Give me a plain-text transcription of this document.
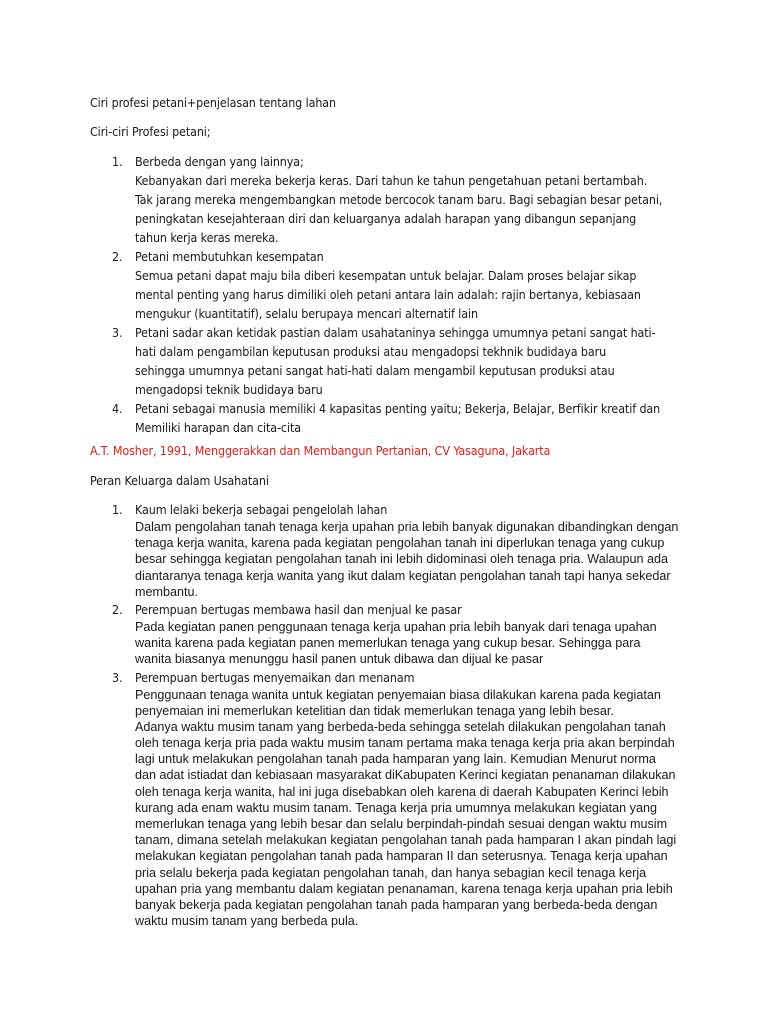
Ciri profesi petani+penjelasan tentang lahan

Ciri-ciri Profesi petani;

1. Berbeda dengan yang lainnya;
Kebanyakan dari mereka bekerja keras. Dari tahun ke tahun pengetahuan petani bertambah.
Tak jarang mereka mengembangkan metode bercocok tanam baru. Bagi sebagian besar petani,
peningkatan kesejahteraan diri dan keluarganya adalah harapan yang dibangun sepanjang
tahun kerja keras mereka.
2. Petani membutuhkan kesempatan
Semua petani dapat maju bila diberi kesempatan untuk belajar. Dalam proses belajar sikap
mental penting yang harus dimiliki oleh petani antara lain adalah: rajin bertanya, kebiasaan
mengukur (kuantitatif), selalu berupaya mencari alternatif lain
3. Petani sadar akan ketidak pastian dalam usahataninya sehingga umumnya petani sangat hati-
hati dalam pengambilan keputusan produksi atau mengadopsi tekhnik budidaya baru
sehingga umumnya petani sangat hati-hati dalam mengambil keputusan produksi atau
mengadopsi teknik budidaya baru
4. Petani sebagai manusia memiliki 4 kapasitas penting yaitu; Bekerja, Belajar, Berfikir kreatif dan
Memiliki harapan dan cita-cita

A.T. Mosher, 1991, Menggerakkan dan Membangun Pertanian, CV Yasaguna, Jakarta

Peran Keluarga dalam Usahatani

1. Kaum lelaki bekerja sebagai pengelolah lahan
Dalam pengolahan tanah tenaga kerja upahan pria lebih banyak digunakan dibandingkan dengan
tenaga kerja wanita, karena pada kegiatan pengolahan tanah ini diperlukan tenaga yang cukup
besar sehingga kegiatan pengolahan tanah ini lebih didominasi oleh tenaga pria. Walaupun ada
diantaranya tenaga kerja wanita yang ikut dalam kegiatan pengolahan tanah tapi hanya sekedar
membantu.
2. Perempuan bertugas membawa hasil dan menjual ke pasar
Pada kegiatan panen penggunaan tenaga kerja upahan pria lebih banyak dari tenaga upahan
wanita karena pada kegiatan panen memerlukan tenaga yang cukup besar. Sehingga para
wanita biasanya menunggu hasil panen untuk dibawa dan dijual ke pasar
3. Perempuan bertugas menyemaikan dan menanam
Penggunaan tenaga wanita untuk kegiatan penyemaian biasa dilakukan karena pada kegiatan
penyemaian ini memerlukan ketelitian dan tidak memerlukan tenaga yang lebih besar.
Adanya waktu musim tanam yang berbeda-beda sehingga setelah dilakukan pengolahan tanah
oleh tenaga kerja pria pada waktu musim tanam pertama maka tenaga kerja pria akan berpindah
lagi untuk melakukan pengolahan tanah pada hamparan yang lain. Kemudian Menurut norma
dan adat istiadat dan kebiasaan masyarakat diKabupaten Kerinci kegiatan penanaman dilakukan
oleh tenaga kerja wanita, hal ini juga disebabkan oleh karena di daerah Kabupaten Kerinci lebih
kurang ada enam waktu musim tanam. Tenaga kerja pria umumnya melakukan kegiatan yang
memerlukan tenaga yang lebih besar dan selalu berpindah-pindah sesuai dengan waktu musim
tanam, dimana setelah melakukan kegiatan pengolahan tanah pada hamparan I akan pindah lagi
melakukan kegiatan pengolahan tanah pada hamparan II dan seterusnya. Tenaga kerja upahan
pria selalu bekerja pada kegiatan pengolahan tanah, dan hanya sebagian kecil tenaga kerja
upahan pria yang membantu dalam kegiatan penanaman, karena tenaga kerja upahan pria lebih
banyak bekerja pada kegiatan pengolahan tanah pada hamparan yang berbeda-beda dengan
waktu musim tanam yang berbeda pula.
